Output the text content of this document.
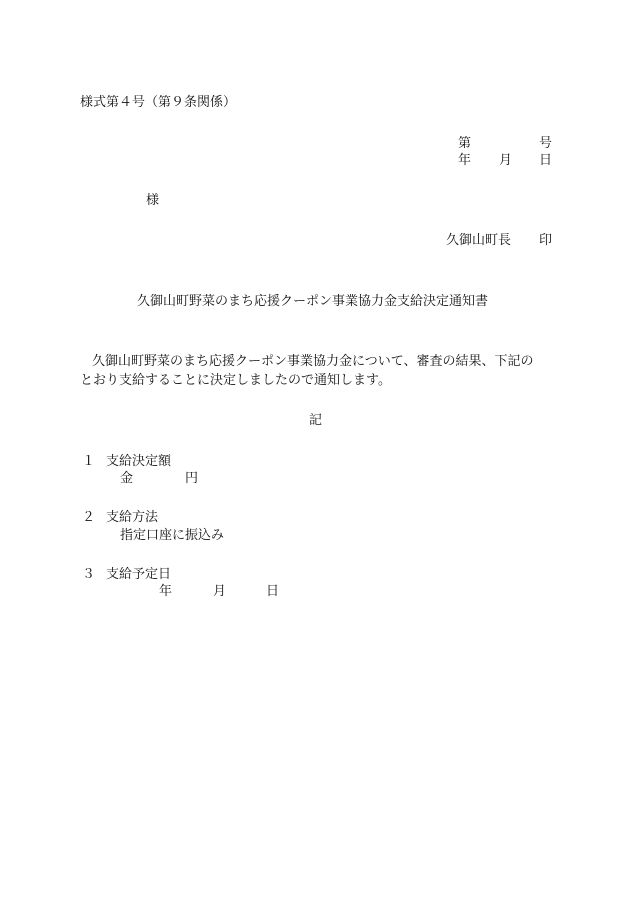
様式第４号（第９条関係）
第	号
年 月 日
様
久御山町長 印
久御山町野菜のまち応援クーポン事業協力金支給決定通知書
久御山町野菜のまち応援クーポン事業協力金について、審査の結果、下記の
とおり支給することに決定しましたので通知します。
記
１ 支給決定額
金	円
２ 支給方法
指定口座に振込み
３ 支給予定日
年	月	日
